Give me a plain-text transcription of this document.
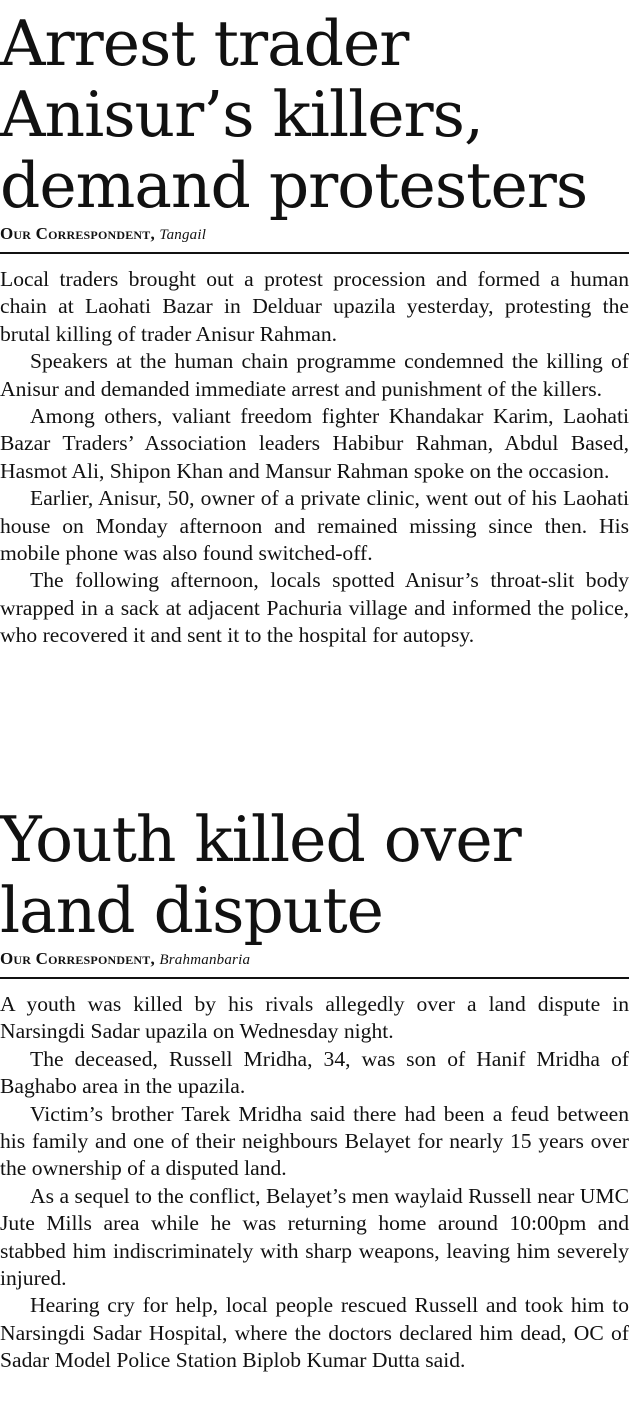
Arrest trader Anisur’s killers, demand protesters
Our Correspondent, Tangail

Local traders brought out a protest procession and formed a human chain at Laohati Bazar in Delduar upazila yesterday, protesting the brutal killing of trader Anisur Rahman.

Speakers at the human chain programme condemned the killing of Anisur and demanded immediate arrest and punishment of the killers.

Among others, valiant freedom fighter Khandakar Karim, Laohati Bazar Traders’ Association leaders Habibur Rahman, Abdul Based, Hasmot Ali, Shipon Khan and Mansur Rahman spoke on the occasion.

Earlier, Anisur, 50, owner of a private clinic, went out of his Laohati house on Monday afternoon and remained missing since then. His mobile phone was also found switched-off.

The following afternoon, locals spotted Anisur’s throat-slit body wrapped in a sack at adjacent Pachuria village and informed the police, who recovered it and sent it to the hospital for autopsy.

Youth killed over land dispute
Our Correspondent, Brahmanbaria

A youth was killed by his rivals allegedly over a land dispute in Narsingdi Sadar upazila on Wednesday night.

The deceased, Russell Mridha, 34, was son of Hanif Mridha of Baghabo area in the upazila.

Victim’s brother Tarek Mridha said there had been a feud between his family and one of their neighbours Belayet for nearly 15 years over the ownership of a disputed land.

As a sequel to the conflict, Belayet’s men waylaid Russell near UMC Jute Mills area while he was returning home around 10:00pm and stabbed him indiscriminately with sharp weapons, leaving him severely injured.

Hearing cry for help, local people rescued Russell and took him to Narsingdi Sadar Hospital, where the doctors declared him dead, OC of Sadar Model Police Station Biplob Kumar Dutta said.
